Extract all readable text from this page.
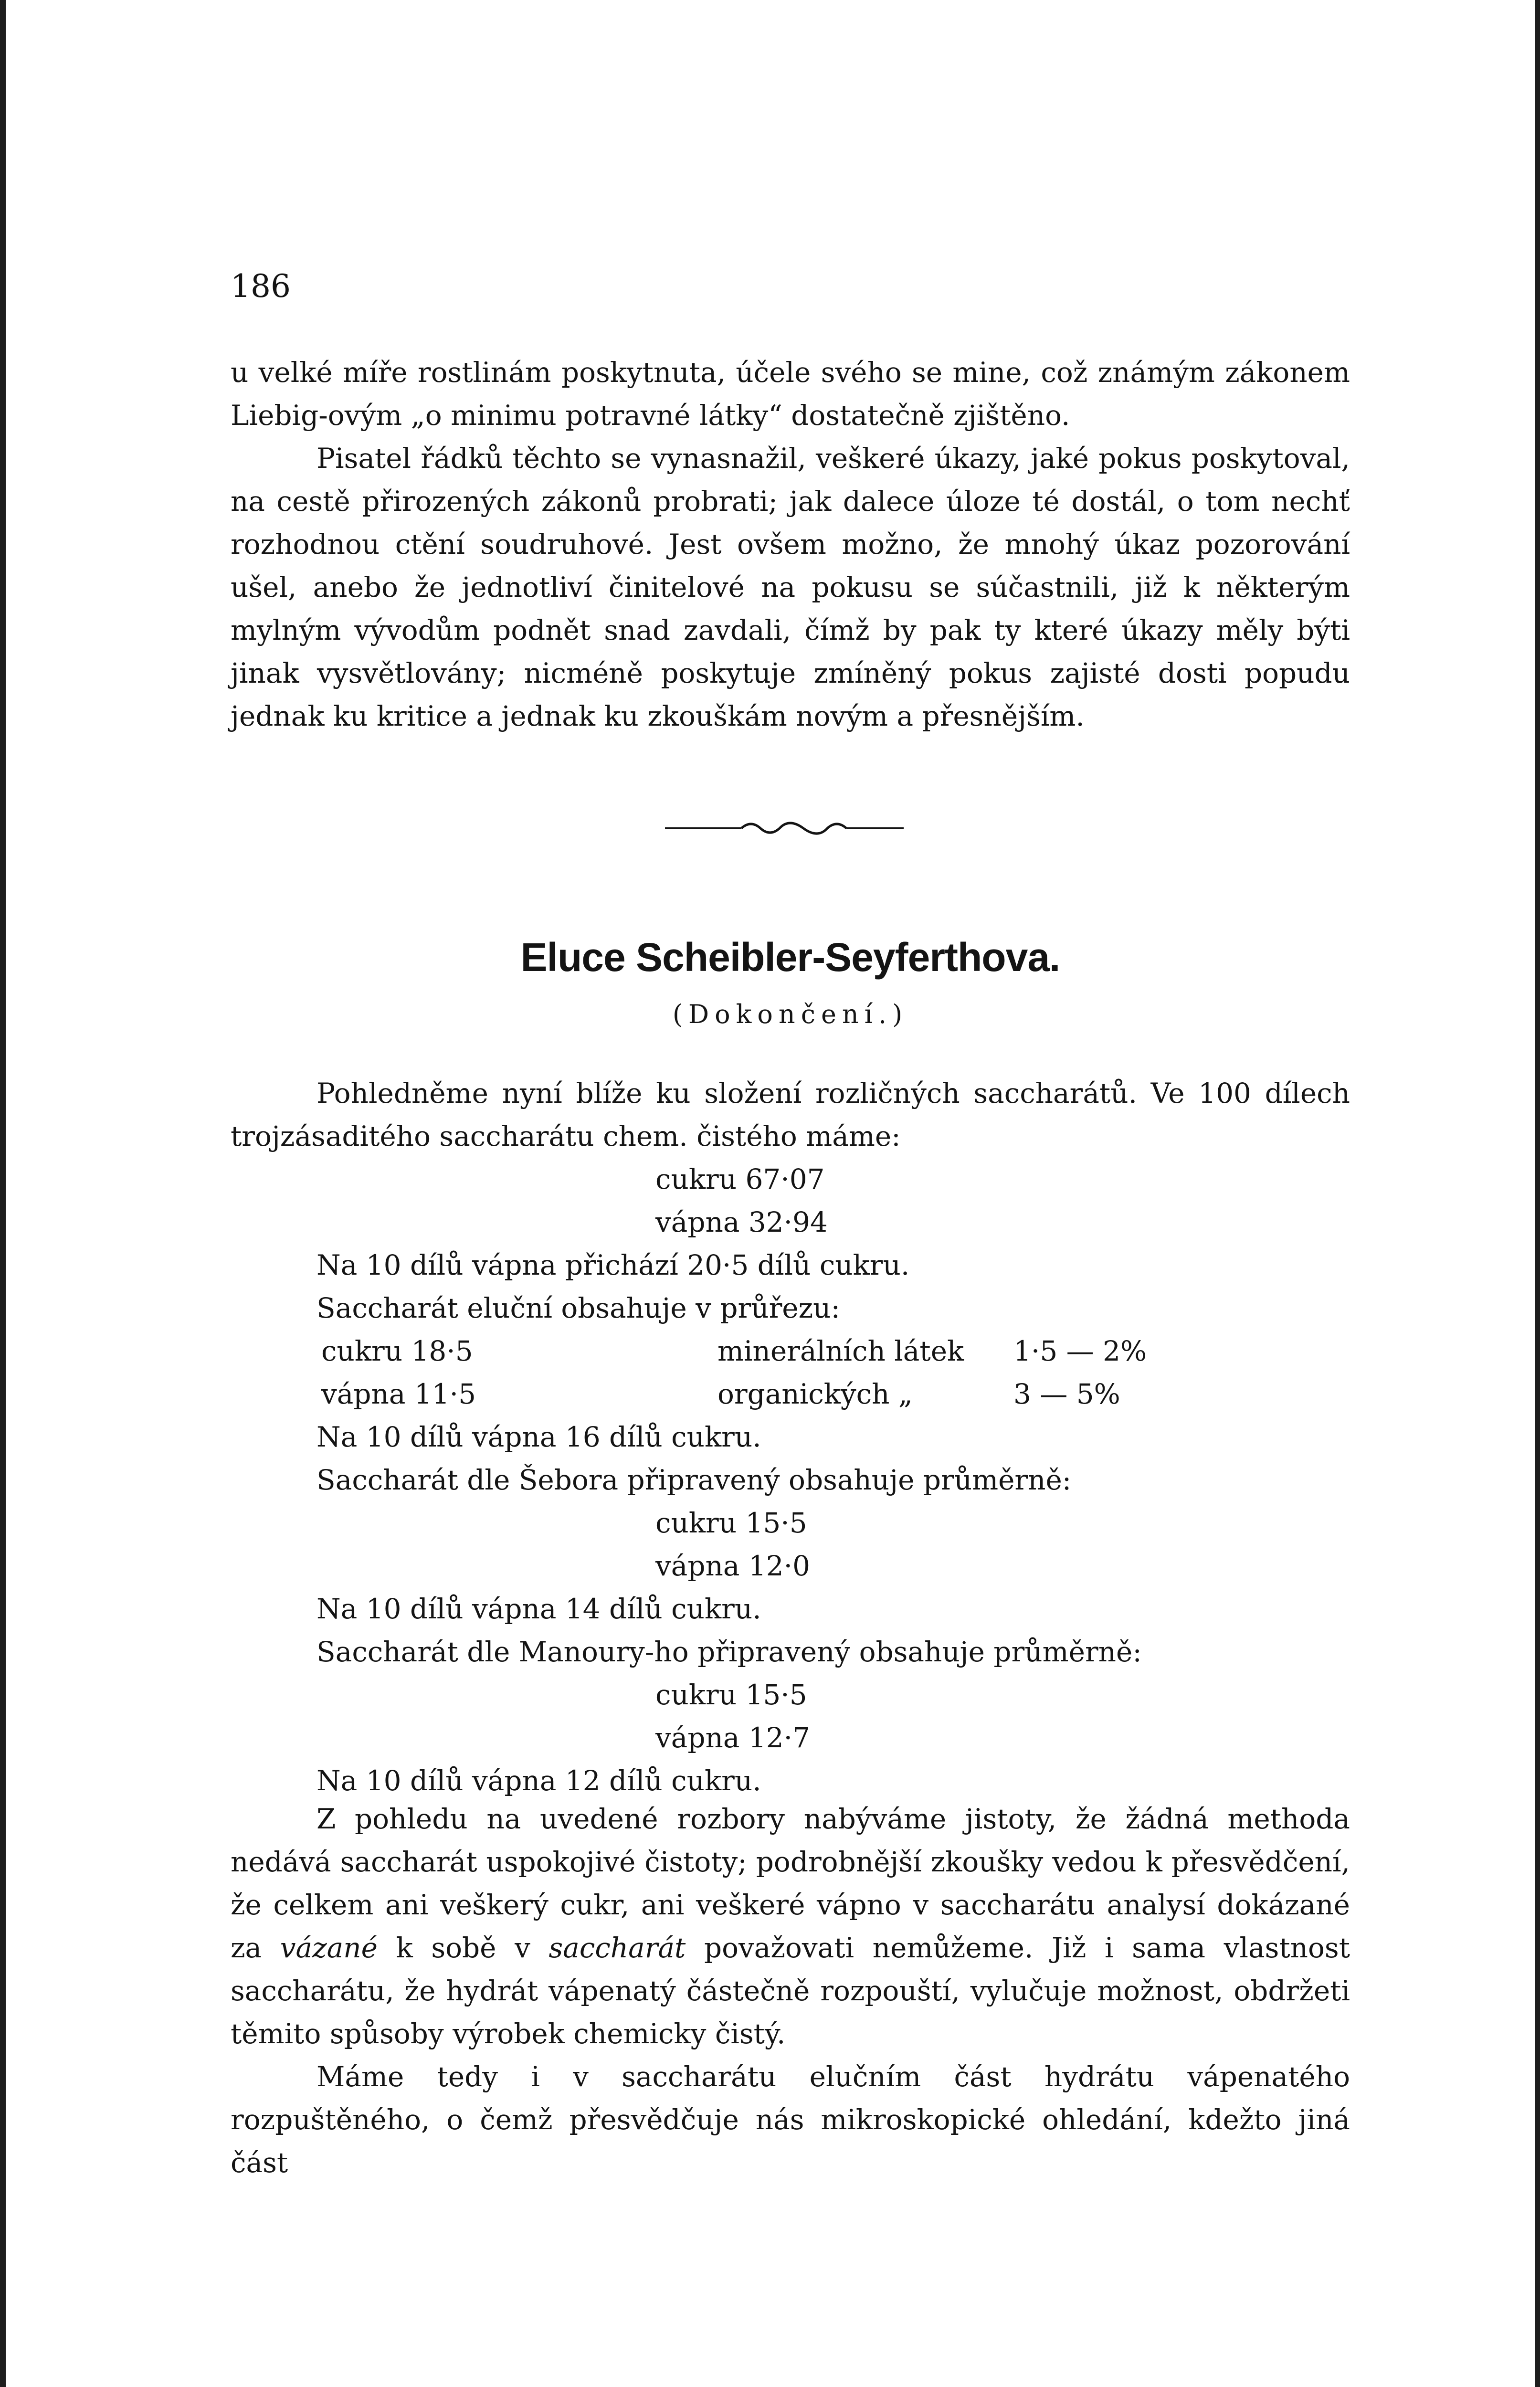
186

u velké míře rostlinám poskytnuta, účele svého se mine, což známým zákonem Liebig-ovým „o minimu potravné látky“ dostatečně zjištěno.

Pisatel řádků těchto se vynasnažil, veškeré úkazy, jaké pokus poskytoval, na cestě přirozených zákonů probrati; jak dalece úloze té dostál, o tom nechť rozhodnou ctění soudruhové. Jest ovšem možno, že mnohý úkaz pozorování ušel, anebo že jednotliví činitelové na pokusu se súčastnili, již k některým mylným vývodům podnět snad zavdali, čímž by pak ty které úkazy měly býti jinak vysvětlovány; nicméně poskytuje zmíněný pokus zajisté dosti popudu jednak ku kritice a jednak ku zkouškám novým a přesnějším.

Eluce Scheibler-Seyferthova.
(Dokončení.)

Pohledněme nyní blíže ku složení rozličných saccharátů. Ve 100 dílech trojzásaditého saccharátu chem. čistého máme:

cukru 67·07
vápna 32·94
Na 10 dílů vápna přichází 20·5 dílů cukru.
Saccharát eluční obsahuje v průřezu:
cukru 18·5	minerálních látek 1·5 — 2%
vápna 11·5	organických „	3 — 5%
Na 10 dílů vápna 16 dílů cukru.
Saccharát dle Šebora připravený obsahuje průměrně:
cukru 15·5
vápna 12·0
Na 10 dílů vápna 14 dílů cukru.
Saccharát dle Manoury-ho připravený obsahuje průměrně:
cukru 15·5
vápna 12·7
Na 10 dílů vápna 12 dílů cukru.

Z pohledu na uvedené rozbory nabýváme jistoty, že žádná methoda nedává saccharát uspokojivé čistoty; podrobnější zkoušky vedou k přesvědčení, že celkem ani veškerý cukr, ani veškeré vápno v saccharátu analysí dokázané za vázané k sobě v saccharát považovati nemůžeme. Již i sama vlastnost saccharátu, že hydrát vápenatý částečně rozpouští, vylučuje možnost, obdržeti těmito spůsoby výrobek chemicky čistý.

Máme tedy i v saccharátu elučním část hydrátu vápenatého rozpuštěného, o čemž přesvědčuje nás mikroskopické ohledání, kdežto jiná část
